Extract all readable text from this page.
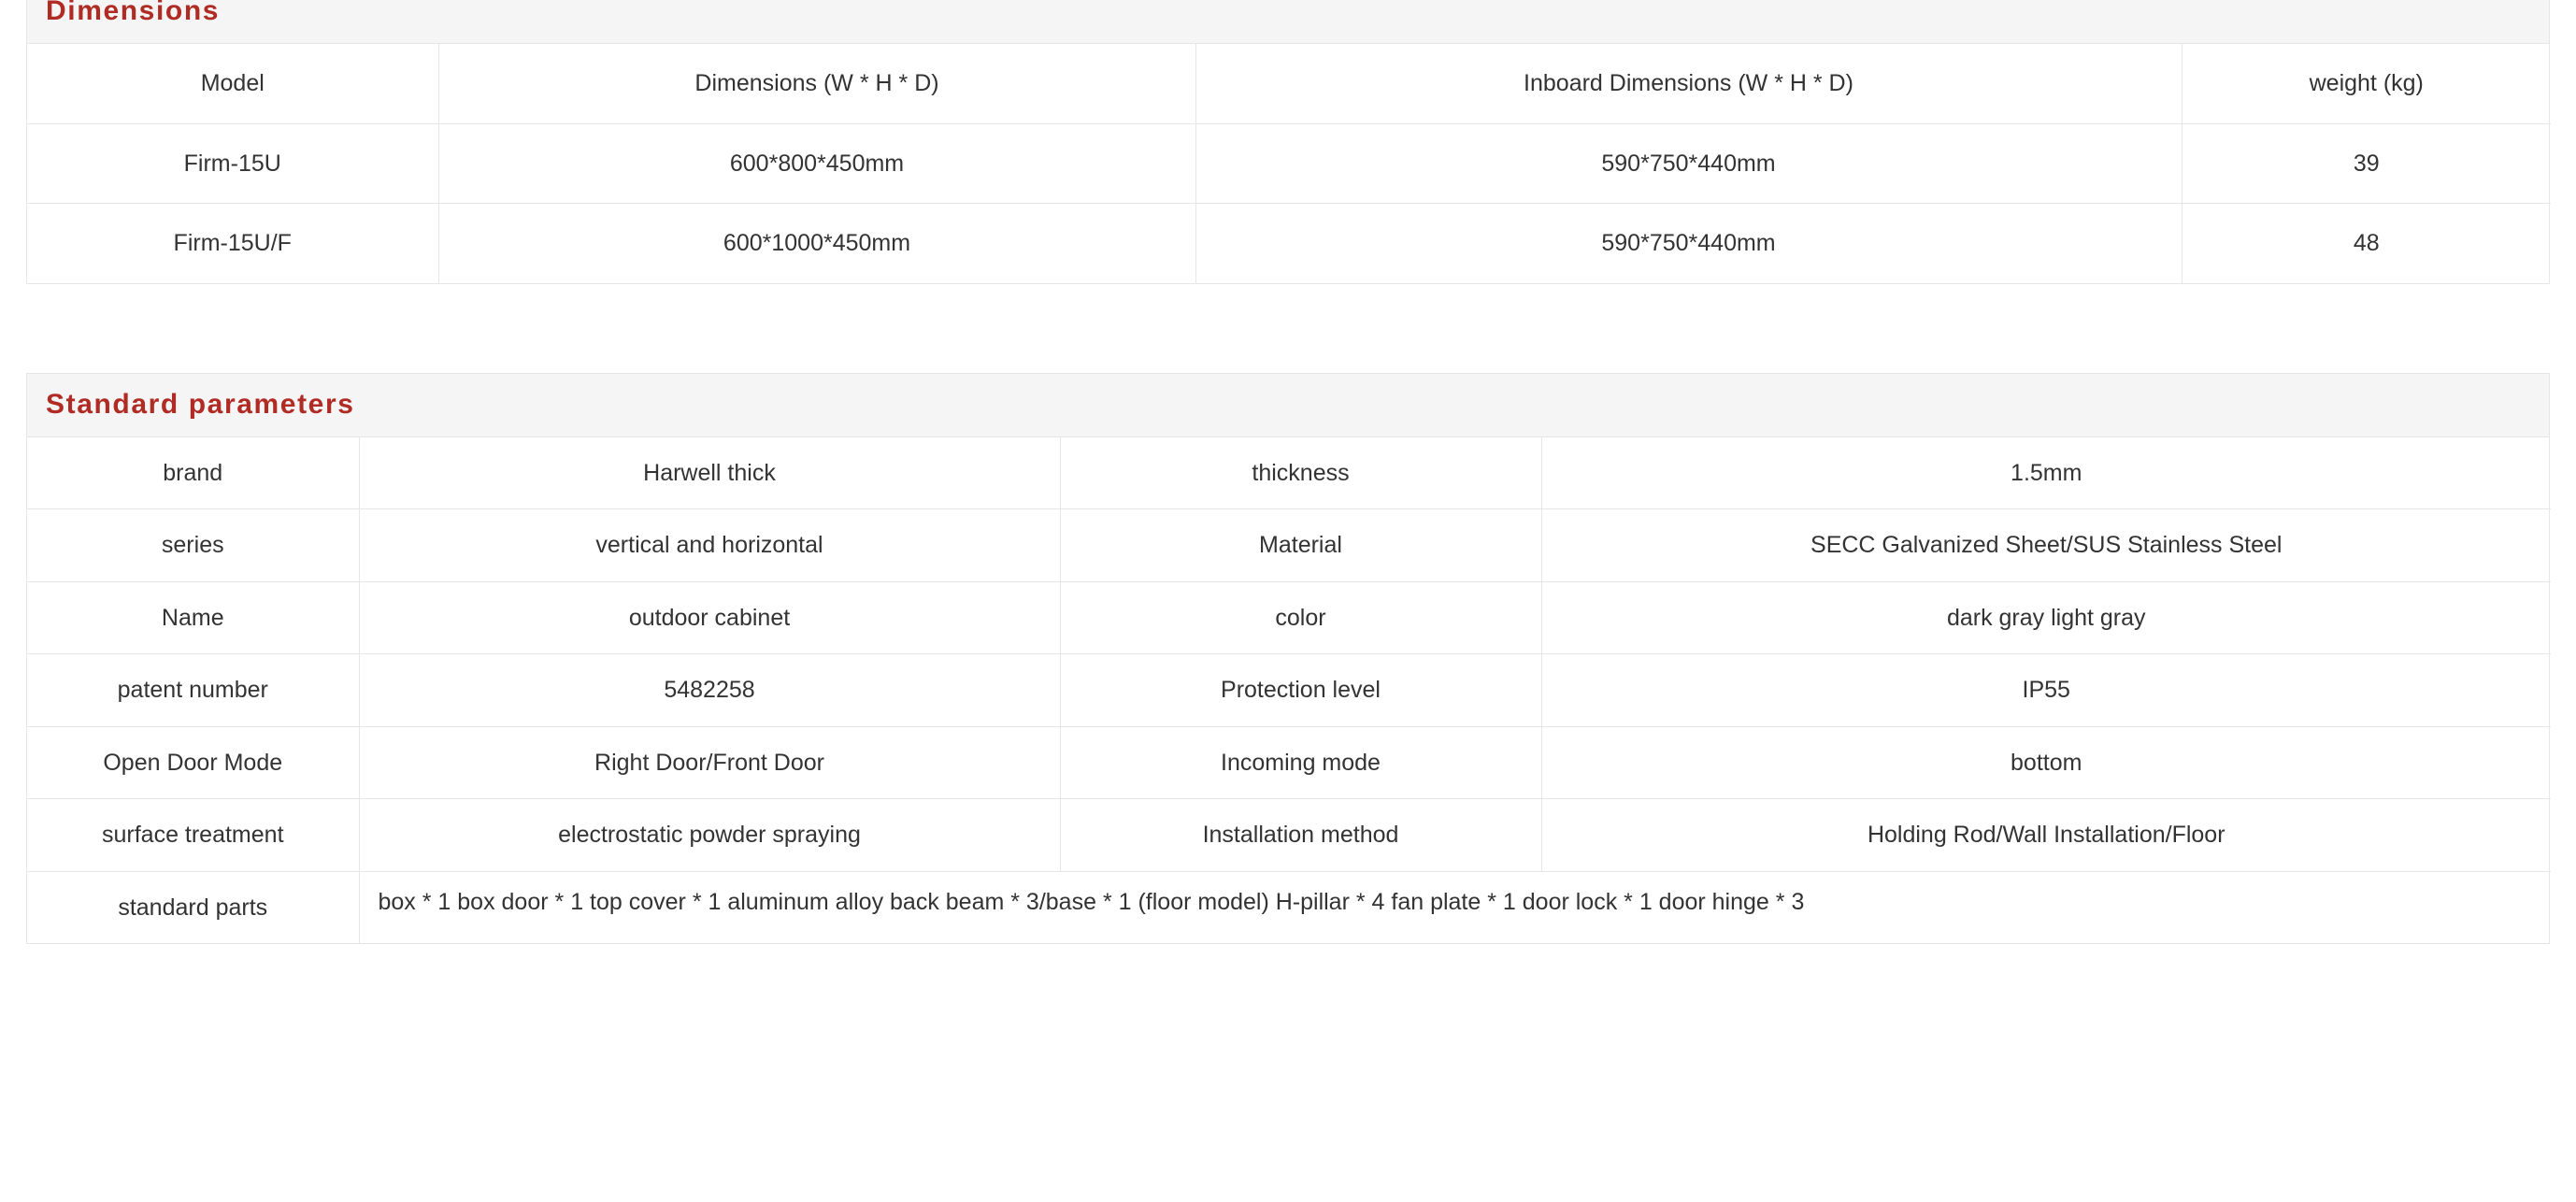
Dimensions
Model	Dimensions (W * H * D)	Inboard Dimensions (W * H * D)	weight (kg)
Firm-15U	600*800*450mm	590*750*440mm	39
Firm-15U/F	600*1000*450mm	590*750*440mm	48
Standard parameters
brand	Harwell thick	thickness	1.5mm
series	vertical and horizontal	Material	SECC Galvanized Sheet/SUS Stainless Steel
Name	outdoor cabinet	color	dark gray light gray
patent number	5482258	Protection level	IP55
Open Door Mode	Right Door/Front Door	Incoming mode	bottom
surface treatment	electrostatic powder spraying	Installation method	Holding Rod/Wall Installation/Floor
standard parts	box * 1 box door * 1 top cover * 1 aluminum alloy back beam * 3/base * 1 (floor model) H-pillar * 4 fan plate * 1 door lock * 1 door hinge * 3		
